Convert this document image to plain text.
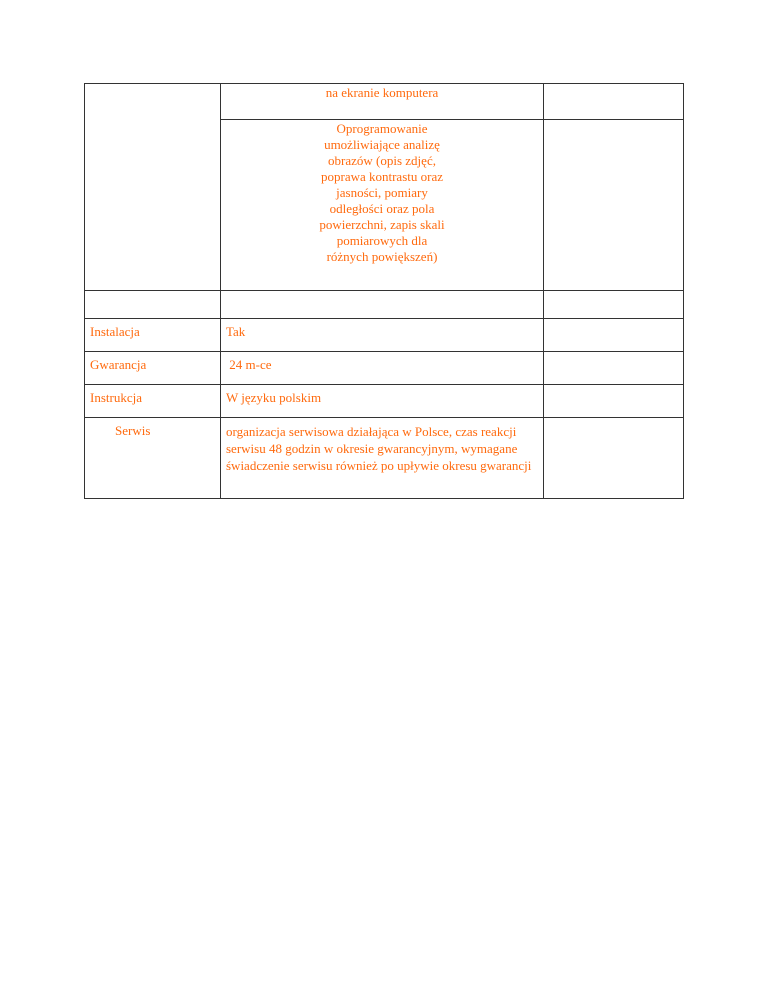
	na ekranie komputera	

	Oprogramowanie umożliwiające analizę obrazów (opis zdjęć, poprawa kontrastu oraz jasności, pomiary odległości oraz pola powierzchni, zapis skali pomiarowych dla różnych powiększeń)	

Instalacja	Tak	
Gwarancja	24 m-ce	
Instrukcja	W języku polskim	
Serwis	organizacja serwisowa działająca w Polsce, czas reakcji serwisu 48 godzin w okresie gwarancyjnym, wymagane świadczenie serwisu również po upływie okresu gwarancji	
